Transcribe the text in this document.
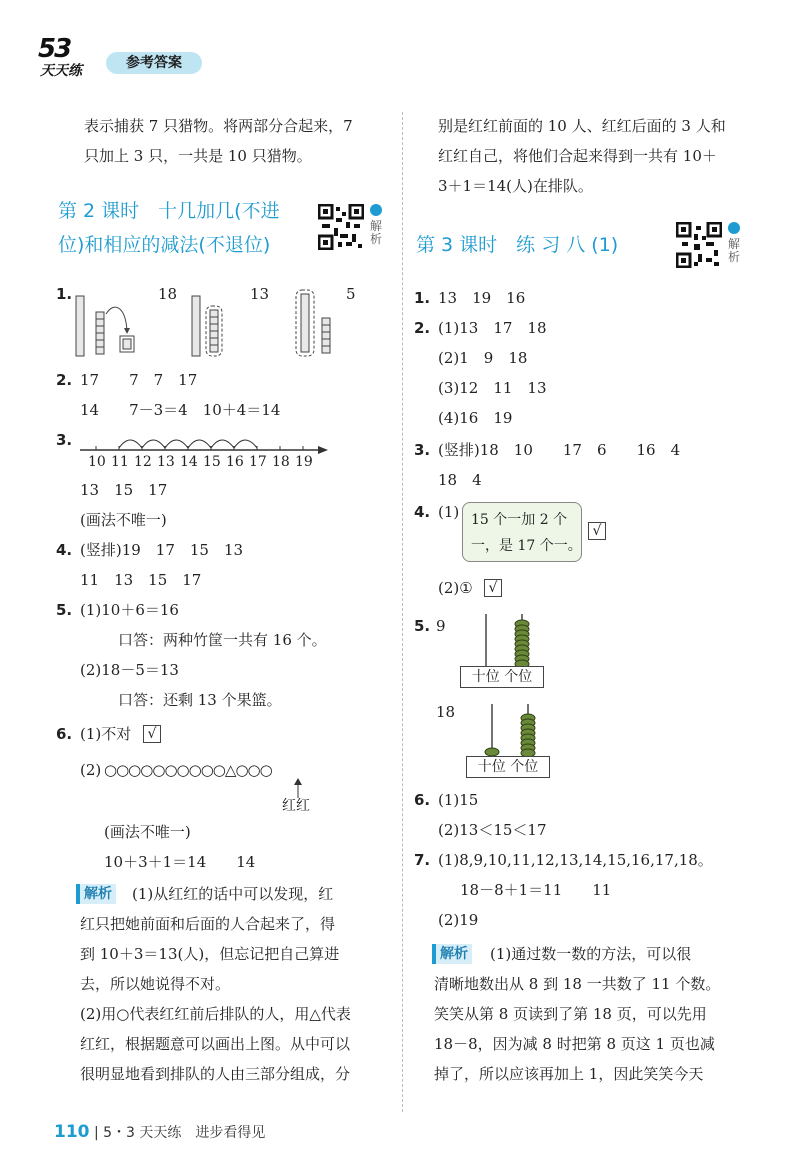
53
天天练	参考答案
表示捕获 7 只猎物。将两部分合起来，7
只加上 3 只，一共是 10 只猎物。
第 2 课时　十几加几(不进
位)和相应的减法(不退位)
解析
1.	18	13	5
2. 17　　7　7　17
14　　7－3＝4　10＋4＝14
3.
10 11 12 13 14 15 16 17 18 19
13　15　17
(画法不唯一)
4. (竖排)19　17　15　13
11　13　15　17
5. (1)10＋6＝16
口答：两种竹筐一共有 16 个。
(2)18－5＝13
口答：还剩 13 个果篮。
6. (1)不对	√
(2) ○○○○○○○○○○△○○○
红红
(画法不唯一)
10＋3＋1＝14　　14
解析 (1)从红红的话中可以发现，红
红只把她前面和后面的人合起来了，得
到 10＋3＝13(人)，但忘记把自己算进
去，所以她说得不对。
(2)用○代表红红前后排队的人，用△代表
红红，根据题意可以画出上图。从中可以
很明显地看到排队的人由三部分组成，分
别是红红前面的 10 人、红红后面的 3 人和
红红自己，将他们合起来得到一共有 10＋
3＋1＝14(人)在排队。
第 3 课时　练 习 八 (1)	解析
1. 13　19　16
2. (1)13　17　18
(2)1　9　18
(3)12　11　13
(4)16　19
3. (竖排)18　10　　17　6　　16　4
18　4
4. (1) 15 个一加 2 个
一，是 17 个一。
√
(2)①	√
5. 9
十位 个位
18
十位 个位
6. (1)15
(2)13＜15＜17
7. (1)8,9,10,11,12,13,14,15,16,17,18。
18－8＋1＝11　　11
(2)19
解析 (1)通过数一数的方法，可以很
清晰地数出从 8 到 18 一共数了 11 个数。
笑笑从第 8 页读到了第 18 页，可以先用
18－8，因为减 8 时把第 8 页这 1 页也减
掉了，所以应该再加上 1，因此笑笑今天
110 | 5・3 天天练　进步看得见
